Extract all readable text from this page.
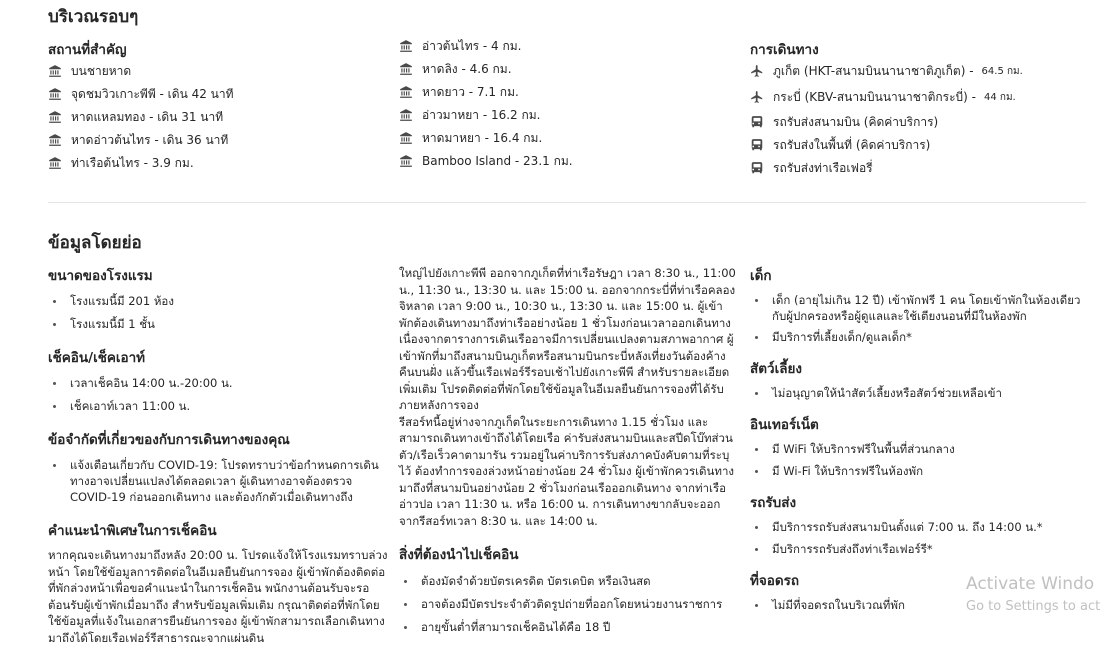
บริเวณรอบๆ
สถานที่สำคัญ
บนชายหาด
จุดชมวิวเกาะพีพี - เดิน 42 นาที
หาดแหลมทอง - เดิน 31 นาที
หาดอ่าวต้นไทร - เดิน 36 นาที
ท่าเรือต้นไทร - 3.9 กม.
อ่าวต้นไทร - 4 กม.
หาดลิง - 4.6 กม.
หาดยาว - 7.1 กม.
อ่าวมาหยา - 16.2 กม.
หาดมาหยา - 16.4 กม.
Bamboo Island - 23.1 กม.
การเดินทาง
ภูเก็ต (HKT-สนามบินนานาชาติภูเก็ต) - 64.5 กม.
กระบี่ (KBV-สนามบินนานาชาติกระบี่) - 44 กม.
รถรับส่งสนามบิน (คิดค่าบริการ)
รถรับส่งในพื้นที่ (คิดค่าบริการ)
รถรับส่งท่าเรือเฟอรี่
ข้อมูลโดยย่อ

ขนาดของโรงแรม

โรงแรมนี้มี 201 ห้อง
โรงแรมนี้มี 1 ชั้น

เช็คอิน/เช็คเอาท์

เวลาเช็คอิน 14:00 น.-20:00 น.
เช็คเอาท์เวลา 11:00 น.

ข้อจำกัดที่เกี่ยวของกับการเดินทางของคุณ

แจ้งเตือนเกี่ยวกับ COVID-19: โปรดทราบว่าข้อกำหนดการเดินทางอาจเปลี่ยนแปลงได้ตลอดเวลา ผู้เดินทางอาจต้องตรวจ COVID-19 ก่อนออกเดินทาง และต้องกักตัวเมื่อเดินทางถึง

คำแนะนำพิเศษในการเช็คอิน

หากคุณจะเดินทางมาถึงหลัง 20:00 น. โปรดแจ้งให้โรงแรมทราบล่วงหน้า โดยใช้ข้อมูลการติดต่อในอีเมลยืนยันการจอง ผู้เข้าพักต้องติดต่อที่พักล่วงหน้าเพื่อขอคำแนะนำในการเช็คอิน พนักงานต้อนรับจะรอต้อนรับผู้เข้าพักเมื่อมาถึง สำหรับข้อมูลเพิ่มเติม กรุณาติดต่อที่พักโดยใช้ข้อมูลที่แจ้งในเอกสารยืนยันการจอง ผู้เข้าพักสามารถเลือกเดินทางมาถึงได้โดยเรือเฟอร์รีสาธารณะจากแผ่นดิน

ใหญ่ไปยังเกาะพีพี ออกจากภูเก็ตที่ท่าเรือรัษฎา เวลา 8:30 น., 11:00 น., 11:30 น., 13:30 น. และ 15:00 น. ออกจากกระบี่ที่ท่าเรือคลองจิหลาด เวลา 9:00 น., 10:30 น., 13:30 น. และ 15:00 น. ผู้เข้าพักต้องเดินทางมาถึงท่าเรืออย่างน้อย 1 ชั่วโมงก่อนเวลาออกเดินทาง เนื่องจากตารางการเดินเรืออาจมีการเปลี่ยนแปลงตามสภาพอากาศ ผู้เข้าพักที่มาถึงสนามบินภูเก็ตหรือสนามบินกระบี่หลังเที่ยงวันต้องค้างคืนบนฝั่ง แล้วขึ้นเรือเฟอร์รีรอบเช้าไปยังเกาะพีพี สำหรับรายละเอียดเพิ่มเติม โปรดติดต่อที่พักโดยใช้ข้อมูลในอีเมลยืนยันการจองที่ได้รับภายหลังการจอง

รีสอร์ทนี้อยู่ห่างจากภูเก็ตในระยะการเดินทาง 1.15 ชั่วโมง และสามารถเดินทางเข้าถึงได้โดยเรือ ค่ารับส่งสนามบินและสปีดโบ๊ทส่วนตัว/เรือเร็วคาตามารัน รวมอยู่ในค่าบริการรับส่งภาคบังคับตามที่ระบุไว้ ต้องทำการจองล่วงหน้าอย่างน้อย 24 ชั่วโมง ผู้เข้าพักควรเดินทางมาถึงที่สนามบินอย่างน้อย 2 ชั่วโมงก่อนเรือออกเดินทาง จากท่าเรืออ่าวปอ เวลา 11:30 น. หรือ 16:00 น. การเดินทางขากลับจะออกจากรีสอร์ทเวลา 8:30 น. และ 14:00 น.

สิ่งที่ต้องนำไปเช็คอิน

ต้องมัดจำด้วยบัตรเครดิต บัตรเดบิต หรือเงินสด
อาจต้องมีบัตรประจำตัวติดรูปถ่ายที่ออกโดยหน่วยงานราชการ
อายุขั้นต่ำที่สามารถเช็คอินได้คือ 18 ปี

เด็ก

เด็ก (อายุไม่เกิน 12 ปี) เข้าพักฟรี 1 คน โดยเข้าพักในห้องเดียวกับผู้ปกครองหรือผู้ดูแลและใช้เตียงนอนที่มีในห้องพัก
มีบริการที่เลี้ยงเด็ก/ดูแลเด็ก*

สัตว์เลี้ยง

ไม่อนุญาตให้นำสัตว์เลี้ยงหรือสัตว์ช่วยเหลือเข้า

อินเทอร์เน็ต

มี WiFi ให้บริการฟรีในพื้นที่ส่วนกลาง
มี Wi-Fi ให้บริการฟรีในห้องพัก

รถรับส่ง

มีบริการรถรับส่งสนามบินตั้งแต่ 7:00 น. ถึง 14:00 น.*
มีบริการรถรับส่งถึงท่าเรือเฟอร์รี*

ที่จอดรถ

ไม่มีที่จอดรถในบริเวณที่พัก
Activate Windo
Go to Settings to act
